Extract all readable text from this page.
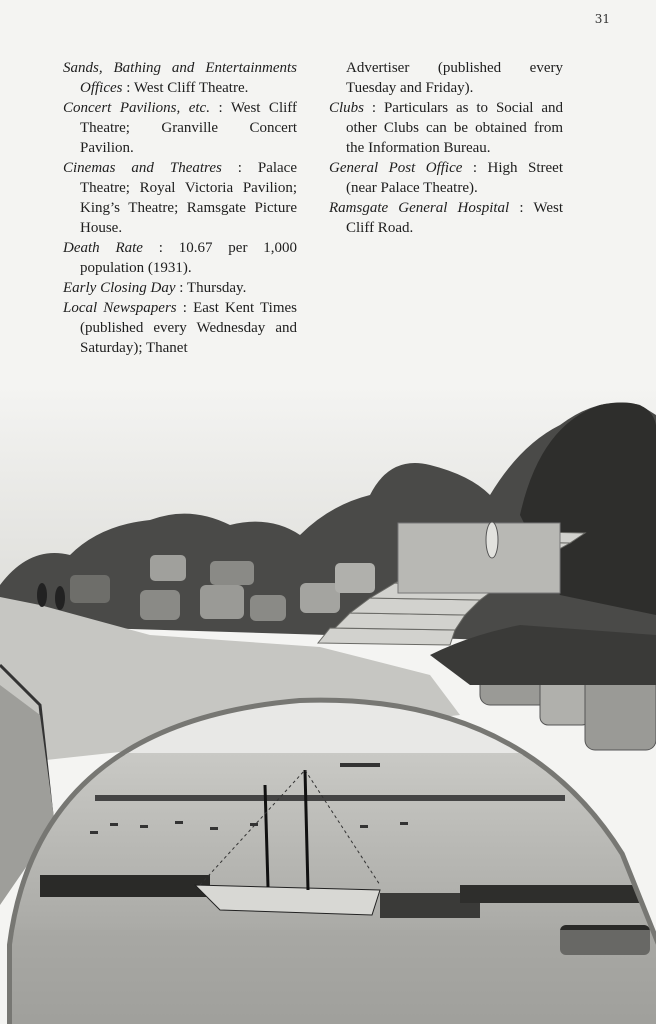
31

Sands, Bathing and Entertainments Offices : West Cliff Theatre.

Concert Pavilions, etc. : West Cliff Theatre; Granville Concert Pavilion.

Cinemas and Theatres : Palace Theatre; Royal Victoria Pavilion; King’s Theatre; Ramsgate Picture House.

Death Rate : 10.67 per 1,000 population (1931).

Early Closing Day : Thursday.

Local Newspapers : East Kent Times (published every Wednesday and Saturday); Thanet

Advertiser (published every Tuesday and Friday).

Clubs : Particulars as to Social and other Clubs can be obtained from the Information Bureau.

General Post Office : High Street (near Palace Theatre).

Ramsgate General Hospital : West Cliff Road.
